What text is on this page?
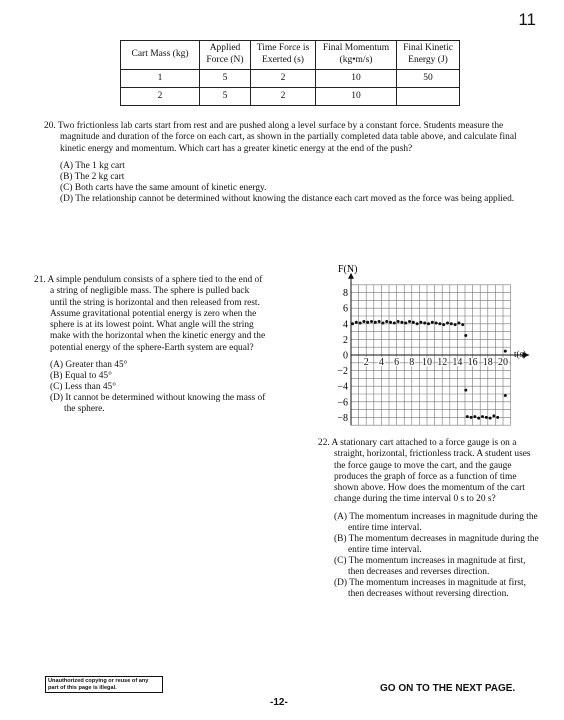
11
Cart Mass (kg)	Applied Force (N)	Time Force is Exerted (s)	Final Momentum (kg•m/s)	Final Kinetic Energy (J)
1	5	2	10	50
2	5	2	10	
20. Two frictionless lab carts start from rest and are pushed along a level surface by a constant force. Students measure the magnitude and duration of the force on each cart, as shown in the partially completed data table above, and calculate final kinetic energy and momentum. Which cart has a greater kinetic energy at the end of the push?
(A) The 1 kg cart
(B) The 2 kg cart
(C) Both carts have the same amount of kinetic energy.
(D) The relationship cannot be determined without knowing the distance each cart moved as the force was being applied.
21. A simple pendulum consists of a sphere tied to the end of a string of negligible mass. The sphere is pulled back until the string is horizontal and then released from rest. Assume gravitational potential energy is zero when the sphere is at its lowest point. What angle will the string make with the horizontal when the kinetic energy and the potential energy of the sphere-Earth system are equal?
(A) Greater than 45°
(B) Equal to 45°
(C) Less than 45°
(D) It cannot be determined without knowing the mass of the sphere.
−8
−6
−4
−2
0
2
4
6
8
2 4 6 8 10 12 14 16 18 20
F(N)
t(s)
22. A stationary cart attached to a force gauge is on a straight, horizontal, frictionless track. A student uses the force gauge to move the cart, and the gauge produces the graph of force as a function of time shown above. How does the momentum of the cart change during the time interval 0 s to 20 s?
(A) The momentum increases in magnitude during the entire time interval.
(B) The momentum decreases in magnitude during the entire time interval.
(C) The momentum increases in magnitude at first, then decreases and reverses direction.
(D) The momentum increases in magnitude at first, then decreases without reversing direction.
Unauthorized copying or reuse of any part of this page is illegal.	GO ON TO THE NEXT PAGE.
-12-
